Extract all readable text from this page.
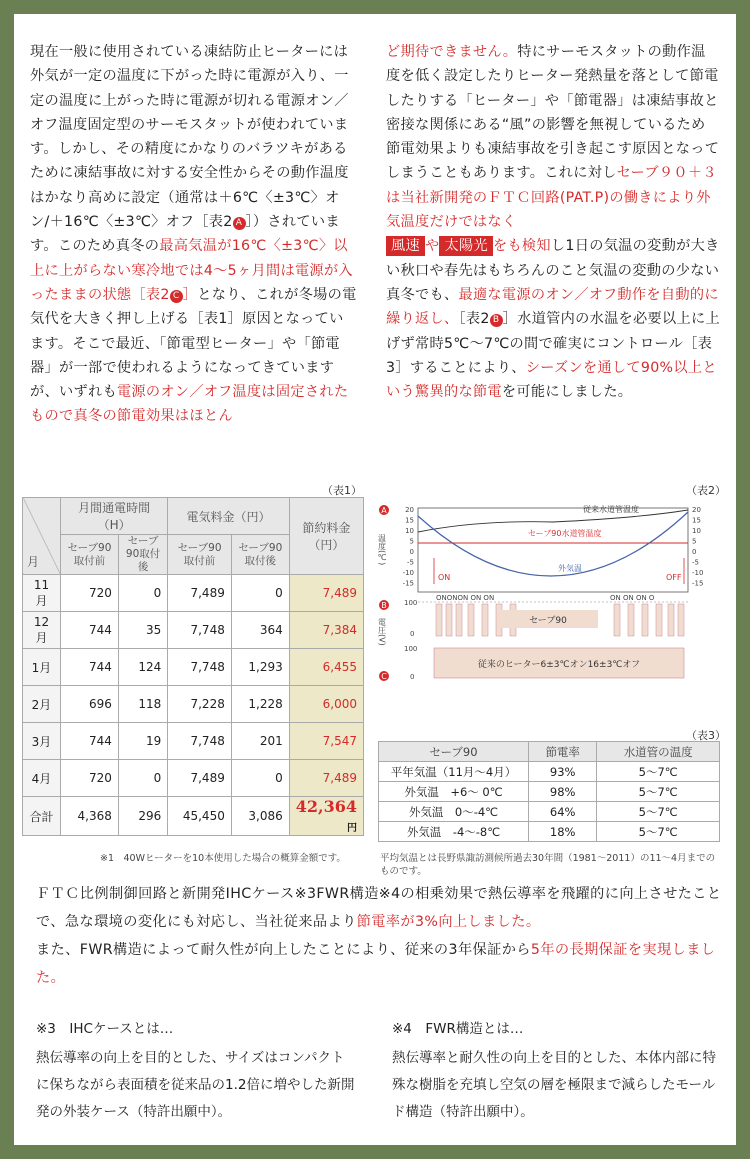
現在一般に使用されている凍結防止ヒーターには外気が一定の温度に下がった時に電源が入り、一定の温度に上がった時に電源が切れる電源オン／オフ温度固定型のサーモスタットが使われています。しかし、その精度にかなりのバラツキがあるために凍結事故に対する安全性からその動作温度はかなり高めに設定（通常は＋6℃〈±3℃〉オン/＋16℃〈±3℃〉オフ［表2 A ］）されています。このため真冬の最高気温が16℃〈±3℃〉以上に上がらない寒冷地では4～5ヶ月間は電源が入ったままの状態［表2 C ］となり、これが冬場の電気代を大きく押し上げる［表1］原因となっています。そこで最近、「節電型ヒーター」や「節電器」が一部で使われるようになってきていますが、いずれも電源のオン／オフ温度は固定されたもので真冬の節電効果はほとん
ど期待できません。特にサーモスタットの動作温度を低く設定したりヒーター発熱量を落として節電したりする「ヒーター」や「節電器」は凍結事故と密接な関係にある“風”の影響を無視しているため節電効果よりも凍結事故を引き起こす原因となってしまうこともあります。これに対しセーブ９０＋３は当社新開発のＦＴＣ回路(PAT.P)の働きにより外気温度だけではなく
風速 や 太陽光 をも検知し1日の気温の変動が大きい秋口や春先はもちろんのこと気温の変動の少ない真冬でも、最適な電源のオン／オフ動作を自動的に繰り返し、［表2 B ］水道管内の水温を必要以上に上げず常時5℃～7℃の間で確実にコントロール［表3］することにより、シーズンを通して90%以上という驚異的な節電を可能にしました。
（表1）
月	月間通電時間（H）		電気料金（円）		節約料金（円）
	セーブ90取付前	セーブ90取付後	セーブ90取付前	セーブ90取付後	
11月	720	0	7,489	0	7,489
12月	744	35	7,748	364	7,384
1月	744	124	7,748	1,293	6,455
2月	696	118	7,228	1,228	6,000
3月	744	19	7,748	201	7,547
4月	720	0	7,489	0	7,489
合計	4,368	296	45,450	3,086	42,364円
※1　40Wヒーターを10本使用した場合の概算金額です。
（表2）
A
B
C
温度(℃)
電圧(V)
20
15
10
5
0
-5
-10
-15
20
15
10
5
0
-5
-10
-15
従来水道管温度
セーブ90水道管温度
外気温
ON	OFF
100
0
ONONON ON ON	ON ON ON O
セーブ90
100
0
従来のヒーター6±3℃オン16±3℃オフ
（表3）
セーブ90	節電率	水道管の温度
平年気温（11月～4月）	93%	5～7℃
外気温　+6～ 0℃	98%	5～7℃
外気温　0～-4℃	64%	5～7℃
外気温　-4～-8℃	18%	5～7℃
平均気温とは長野県諏訪測候所過去30年間（1981～2011）の11～4月までのものです。
ＦＴＣ比例制御回路と新開発IHCケース※3FWR構造※4の相乗効果で熱伝導率を飛躍的に向上させたことで、急な環境の変化にも対応し、当社従来品より節電率が3%向上しました。
また、FWR構造によって耐久性が向上したことにより、従来の3年保証から5年の長期保証を実現しました。
※3　IHCケースとは…
熱伝導率の向上を目的とした、サイズはコンパクトに保ちながら表面積を従来品の1.2倍に増やした新開発の外装ケース（特許出願中）。
※4　FWR構造とは…
熱伝導率と耐久性の向上を目的とした、本体内部に特殊な樹脂を充填し空気の層を極限まで減らしたモールド構造（特許出願中）。
